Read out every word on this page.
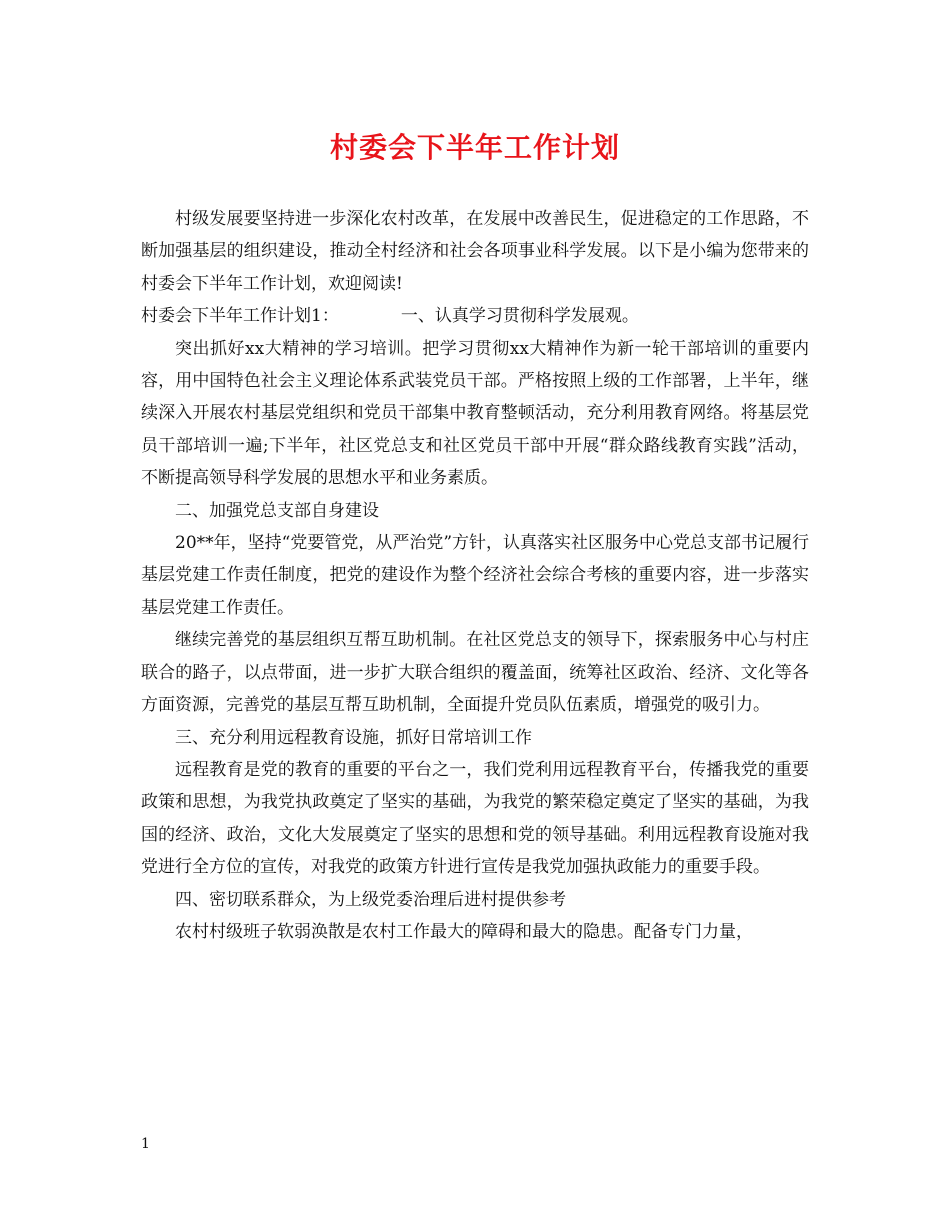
村委会下半年工作计划

村级发展要坚持进一步深化农村改革，在发展中改善民生，促进稳定的工作思路，不断加强基层的组织建设，推动全村经济和社会各项事业科学发展。以下是小编为您带来的村委会下半年工作计划，欢迎阅读!

村委会下半年工作计划1：	一、认真学习贯彻科学发展观。

突出抓好xx大精神的学习培训。把学习贯彻xx大精神作为新一轮干部培训的重要内容，用中国特色社会主义理论体系武装党员干部。严格按照上级的工作部署，上半年，继续深入开展农村基层党组织和党员干部集中教育整顿活动，充分利用教育网络。将基层党员干部培训一遍;下半年，社区党总支和社区党员干部中开展“群众路线教育实践”活动，不断提高领导科学发展的思想水平和业务素质。

二、加强党总支部自身建设

20**年，坚持“党要管党，从严治党”方针，认真落实社区服务中心党总支部书记履行基层党建工作责任制度，把党的建设作为整个经济社会综合考核的重要内容，进一步落实基层党建工作责任。

继续完善党的基层组织互帮互助机制。在社区党总支的领导下，探索服务中心与村庄联合的路子，以点带面，进一步扩大联合组织的覆盖面，统筹社区政治、经济、文化等各方面资源，完善党的基层互帮互助机制，全面提升党员队伍素质，增强党的吸引力。

三、充分利用远程教育设施，抓好日常培训工作

远程教育是党的教育的重要的平台之一，我们党利用远程教育平台，传播我党的重要政策和思想，为我党执政奠定了坚实的基础，为我党的繁荣稳定奠定了坚实的基础，为我国的经济、政治，文化大发展奠定了坚实的思想和党的领导基础。利用远程教育设施对我党进行全方位的宣传，对我党的政策方针进行宣传是我党加强执政能力的重要手段。

四、密切联系群众，为上级党委治理后进村提供参考

农村村级班子软弱涣散是农村工作最大的障碍和最大的隐患。配备专门力量，

1
